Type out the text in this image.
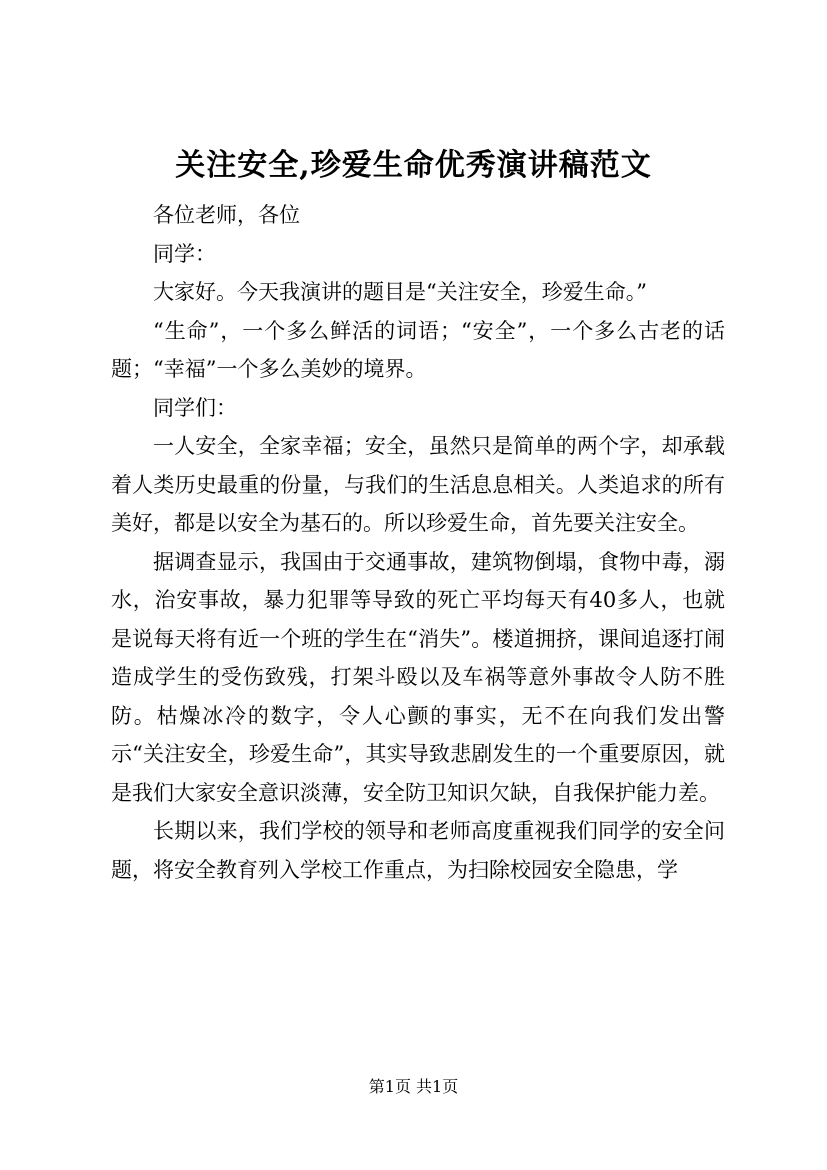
关注安全,珍爱生命优秀演讲稿范文

各位老师，各位

同学：

大家好。今天我演讲的题目是“关注安全，珍爱生命。”

“生命”，一个多么鲜活的词语；“安全”，一个多么古老的话题；“幸福”一个多么美妙的境界。

同学们：

一人安全，全家幸福；安全，虽然只是简单的两个字，却承载着人类历史最重的份量，与我们的生活息息相关。人类追求的所有美好，都是以安全为基石的。所以珍爱生命，首先要关注安全。

据调查显示，我国由于交通事故，建筑物倒塌，食物中毒，溺水，治安事故，暴力犯罪等导致的死亡平均每天有40多人，也就是说每天将有近一个班的学生在“消失”。楼道拥挤，课间追逐打闹造成学生的受伤致残，打架斗殴以及车祸等意外事故令人防不胜防。枯燥冰冷的数字，令人心颤的事实，无不在向我们发出警示“关注安全，珍爱生命”，其实导致悲剧发生的一个重要原因，就是我们大家安全意识淡薄，安全防卫知识欠缺，自我保护能力差。

长期以来，我们学校的领导和老师高度重视我们同学的安全问题，将安全教育列入学校工作重点，为扫除校园安全隐患，学

第1页 共1页
